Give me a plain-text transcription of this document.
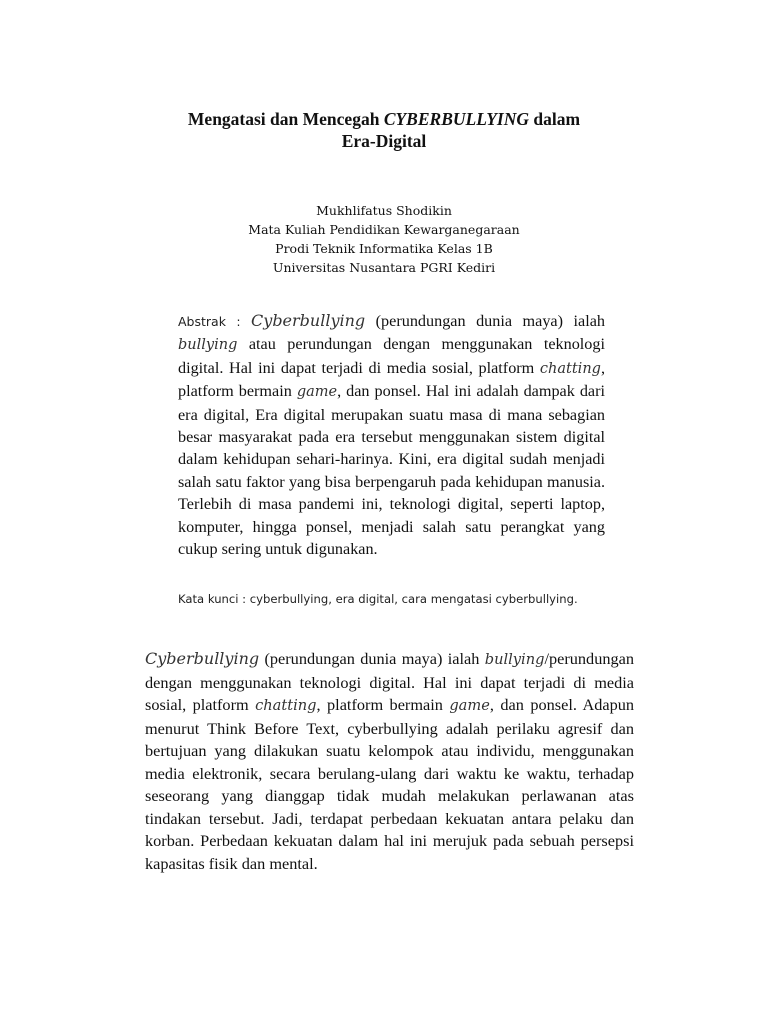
Mengatasi dan Mencegah CYBERBULLYING dalam
Era-Digital
Mukhlifatus Shodikin
Mata Kuliah Pendidikan Kewarganegaraan
Prodi Teknik Informatika Kelas 1B
Universitas Nusantara PGRI Kediri
Abstrak : Cyberbullying (perundungan dunia maya) ialah bullying atau perundungan dengan menggunakan teknologi digital. Hal ini dapat terjadi di media sosial, platform chatting, platform bermain game, dan ponsel. Hal ini adalah dampak dari era digital, Era digital merupakan suatu masa di mana sebagian besar masyarakat pada era tersebut menggunakan sistem digital dalam kehidupan sehari-harinya. Kini, era digital sudah menjadi salah satu faktor yang bisa berpengaruh pada kehidupan manusia. Terlebih di masa pandemi ini, teknologi digital, seperti laptop, komputer, hingga ponsel, menjadi salah satu perangkat yang cukup sering untuk digunakan.
Kata kunci : cyberbullying, era digital, cara mengatasi cyberbullying.
Cyberbullying (perundungan dunia maya) ialah bullying/perundungan dengan menggunakan teknologi digital. Hal ini dapat terjadi di media sosial, platform chatting, platform bermain game, dan ponsel. Adapun menurut Think Before Text, cyberbullying adalah perilaku agresif dan bertujuan yang dilakukan suatu kelompok atau individu, menggunakan media elektronik, secara berulang-ulang dari waktu ke waktu, terhadap seseorang yang dianggap tidak mudah melakukan perlawanan atas tindakan tersebut. Jadi, terdapat perbedaan kekuatan antara pelaku dan korban. Perbedaan kekuatan dalam hal ini merujuk pada sebuah persepsi kapasitas fisik dan mental.
